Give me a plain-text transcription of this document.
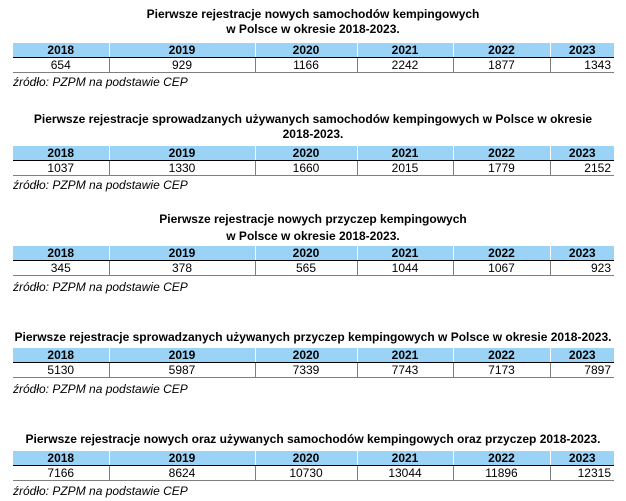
Pierwsze rejestracje nowych samochodów kempingowych
w Polsce w okresie 2018-2023.
2018	2019	2020	2021	2022	2023
654	929	1166	2242	1877	1343
źródło: PZPM na podstawie CEP
Pierwsze rejestracje sprowadzanych używanych samochodów kempingowych w Polsce w okresie
2018-2023.
2018	2019	2020	2021	2022	2023
1037	1330	1660	2015	1779	2152
źródło: PZPM na podstawie CEP
Pierwsze rejestracje nowych przyczep kempingowych
w Polsce w okresie 2018-2023.
2018	2019	2020	2021	2022	2023
345	378	565	1044	1067	923
źródło: PZPM na podstawie CEP
Pierwsze rejestracje sprowadzanych używanych przyczep kempingowych w Polsce w okresie 2018-2023.
2018	2019	2020	2021	2022	2023
5130	5987	7339	7743	7173	7897
źródło: PZPM na podstawie CEP
Pierwsze rejestracje nowych oraz używanych samochodów kempingowych oraz przyczep 2018-2023.
2018	2019	2020	2021	2022	2023
7166	8624	10730	13044	11896	12315
źródło: PZPM na podstawie CEP
